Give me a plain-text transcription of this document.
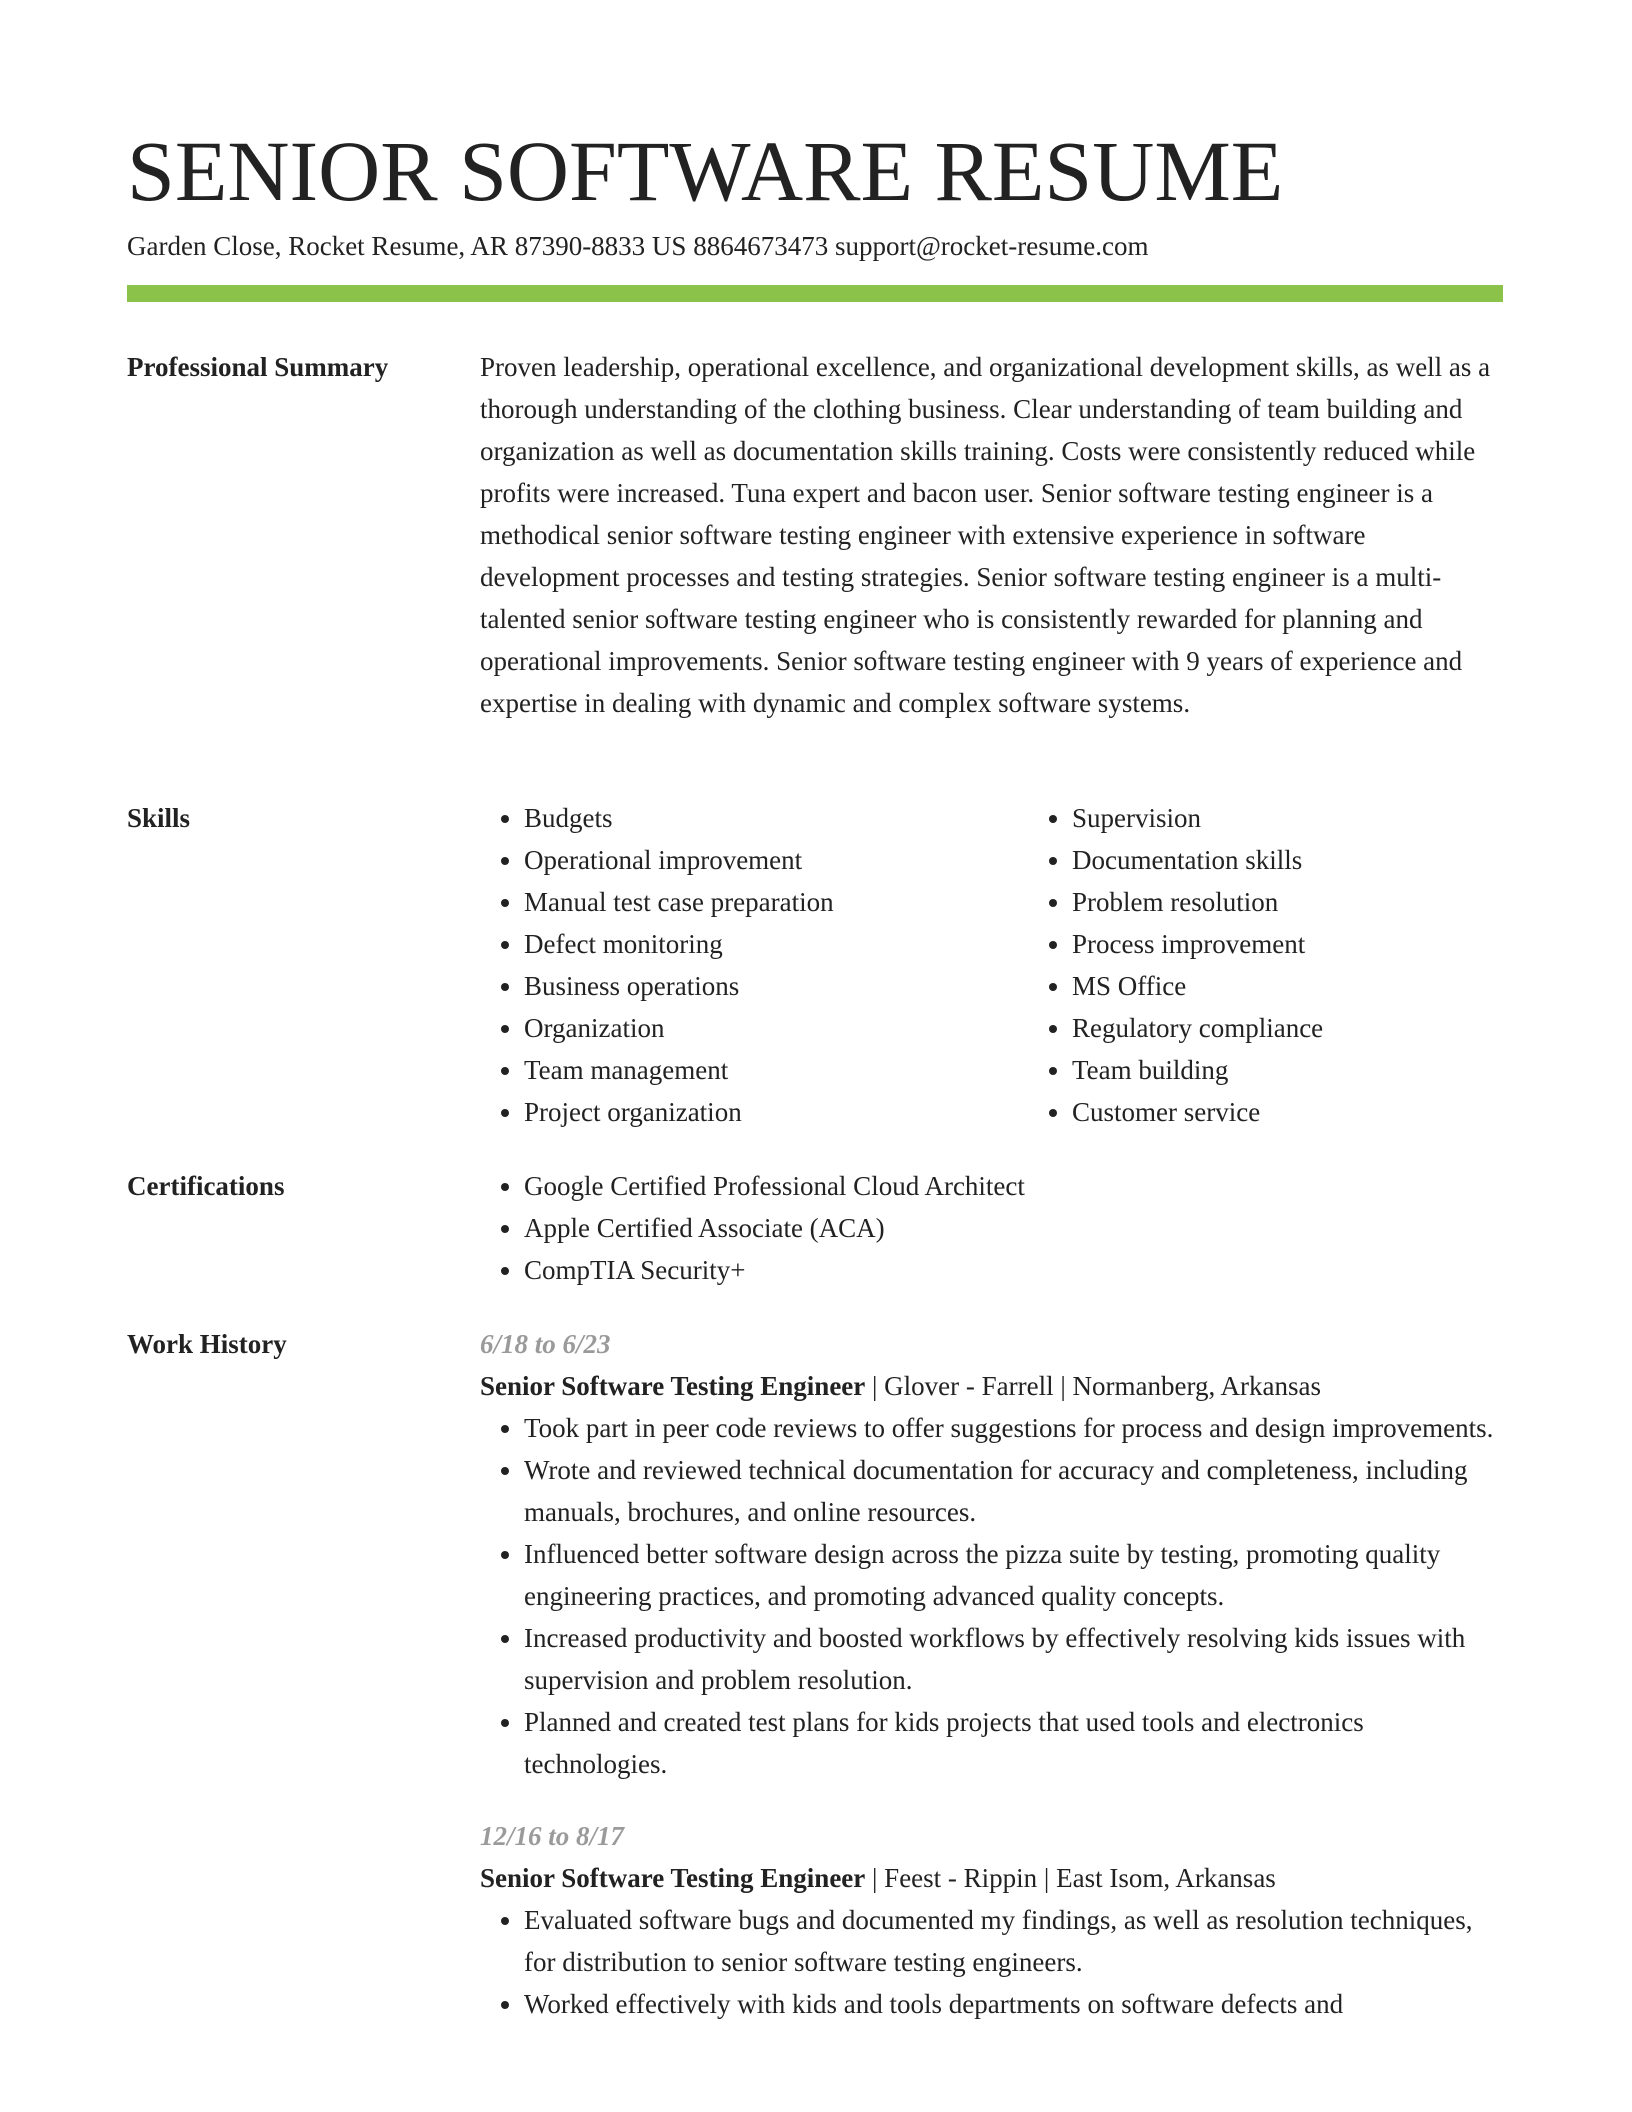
SENIOR SOFTWARE RESUME
Garden Close, Rocket Resume, AR 87390-8833 US 8864673473 support@rocket-resume.com
Professional Summary	Proven leadership, operational excellence, and organizational development skills, as well as a thorough understanding of the clothing business. Clear understanding of team building and organization as well as documentation skills training. Costs were consistently reduced while profits were increased. Tuna expert and bacon user. Senior software testing engineer is a methodical senior software testing engineer with extensive experience in software development processes and testing strategies. Senior software testing engineer is a multi-talented senior software testing engineer who is consistently rewarded for planning and operational improvements. Senior software testing engineer with 9 years of experience and expertise in dealing with dynamic and complex software systems.

Skills	• Budgets
• Operational improvement
• Manual test case preparation
• Defect monitoring
• Business operations
• Organization
• Team management
• Project organization
• Supervision
• Documentation skills
• Problem resolution
• Process improvement
• MS Office
• Regulatory compliance
• Team building
• Customer service
Certifications	• Google Certified Professional Cloud Architect
• Apple Certified Associate (ACA)
• CompTIA Security+
Work History	6/18 to 6/23
Senior Software Testing Engineer | Glover - Farrell | Normanberg, Arkansas
• Took part in peer code reviews to offer suggestions for process and design improvements.
• Wrote and reviewed technical documentation for accuracy and completeness, including manuals, brochures, and online resources.
• Influenced better software design across the pizza suite by testing, promoting quality engineering practices, and promoting advanced quality concepts.
• Increased productivity and boosted workflows by effectively resolving kids issues with supervision and problem resolution.
• Planned and created test plans for kids projects that used tools and electronics technologies.
12/16 to 8/17
Senior Software Testing Engineer | Feest - Rippin | East Isom, Arkansas
• Evaluated software bugs and documented my findings, as well as resolution techniques, for distribution to senior software testing engineers.
• Worked effectively with kids and tools departments on software defects and
